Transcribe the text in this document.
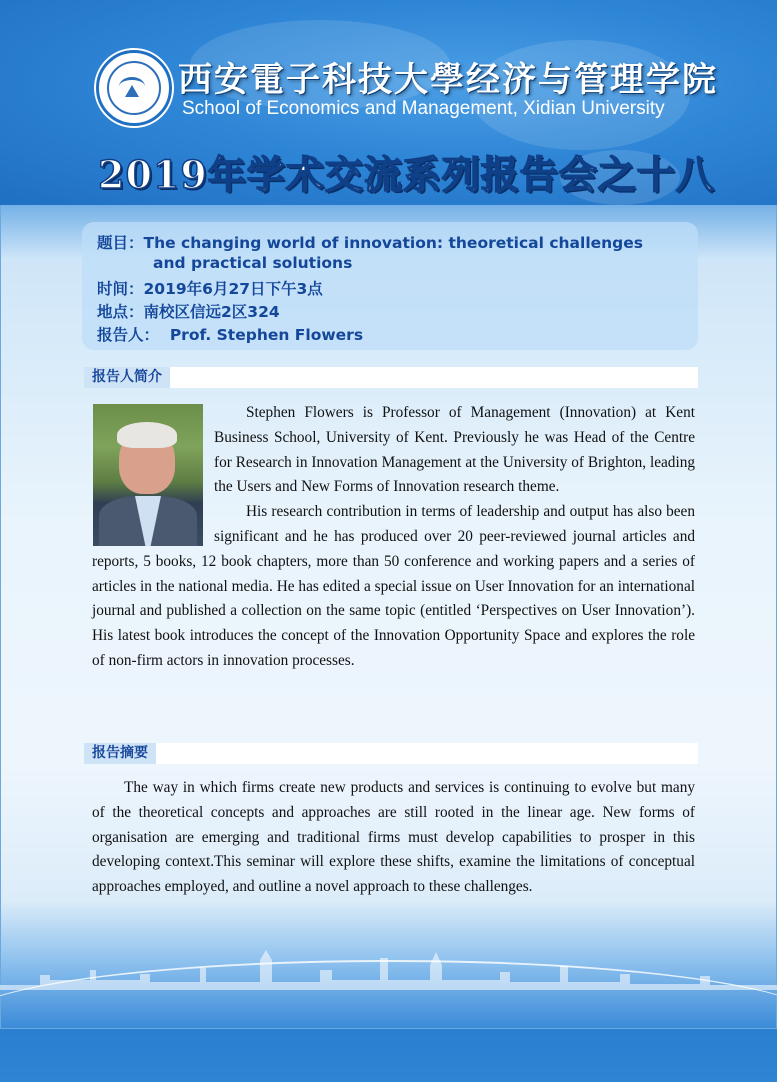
西安電子科技大學经济与管理学院
School of Economics and Management, Xidian University
2019年学术交流系列报告会之十八
题目：The changing world of innovation: theoretical challenges
and practical solutions
时间：2019年6月27日下午3点
地点：南校区信远2区324
报告人： Prof. Stephen Flowers
报告人简介

Stephen Flowers is Professor of Management (Innovation) at Kent Business School, University of Kent. Previously he was Head of the Centre for Research in Innovation Management at the University of Brighton, leading the Users and New Forms of Innovation research theme.

His research contribution in terms of leadership and output has also been significant and he has produced over 20 peer-reviewed journal articles and reports, 5 books, 12 book chapters, more than 50 conference and working papers and a series of articles in the national media. He has edited a special issue on User Innovation for an international journal and published a collection on the same topic (entitled ‘Perspectives on User Innovation’). His latest book introduces the concept of the Innovation Opportunity Space and explores the role of non-firm actors in innovation processes.

报告摘要

The way in which firms create new products and services is continuing to evolve but many of the theoretical concepts and approaches are still rooted in the linear age. New forms of organisation are emerging and traditional firms must develop capabilities to prosper in this developing context.This seminar will explore these shifts, examine the limitations of conceptual approaches employed, and outline a novel approach to these challenges.
